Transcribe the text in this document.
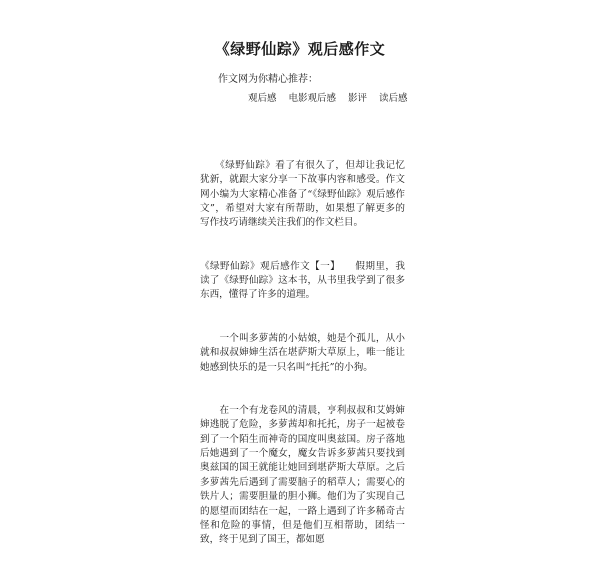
《绿野仙踪》观后感作文

作文网为你精心推荐：

观后感 电影观后感 影评 读后感

　　《绿野仙踪》看了有很久了，但却让我记忆犹新，就跟大家分享一下故事内容和感受。作文网小编为大家精心准备了“《绿野仙踪》观后感作文”，希望对大家有所帮助，如果想了解更多的写作技巧请继续关注我们的作文栏目。

《绿野仙踪》观后感作文【一】　　假期里，我读了《绿野仙踪》这本书，从书里我学到了很多东西，懂得了许多的道理。

　　一个叫多萝茜的小姑娘，她是个孤儿，从小就和叔叔婶婶生活在堪萨斯大草原上，唯一能让她感到快乐的是一只名叫“托托”的小狗。

　　在一个有龙卷风的清晨，亨利叔叔和艾姆婶婶逃脱了危险，多萝茜却和托托，房子一起被卷到了一个陌生而神奇的国度叫奥兹国。房子落地后她遇到了一个魔女，魔女告诉多萝茜只要找到奥兹国的国王就能让她回到堪萨斯大草原。之后多萝茜先后遇到了需要脑子的稻草人；需要心的铁片人；需要胆量的胆小狮。他们为了实现自己的愿望而团结在一起，一路上遇到了许多稀奇古怪和危险的事情，但是他们互相帮助，团结一致，终于见到了国王，都如愿
